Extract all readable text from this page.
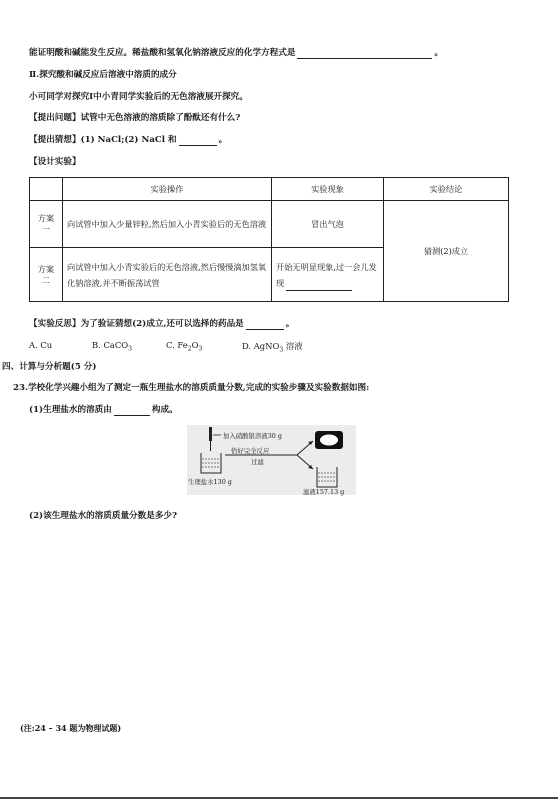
能证明酸和碱能发生反应。稀盐酸和氢氧化钠溶液反应的化学方程式是	。
Ⅱ.探究酸和碱反应后溶液中溶质的成分
小可同学对探究Ⅰ中小青同学实验后的无色溶液展开探究。
【提出问题】试管中无色溶液的溶质除了酚酞还有什么?
【提出猜想】(1) NaCl;(2) NaCl 和	。
【设计实验】
	实验操作	实验现象	实验结论
方案一	向试管中加入少量锌粒,然后加入小青实验后的无色溶液	冒出气泡	猜测(2)成立
方案二	向试管中加入小青实验后的无色溶液,然后慢慢滴加氢氧化钠溶液,并不断振荡试管	开始无明显现象,过一会儿发现	
【实验反思】为了验证猜想(2)成立,还可以选择的药品是	。
A. Cu	B. CaCO$_3$	C. $Fe_2O_3$	D. AgNO$_3$ 溶液
四、计算与分析题(5 分)
23.学校化学兴趣小组为了测定一瓶生理盐水的溶质质量分数,完成的实验步骤及实验数据如图:
(1)生理盐水的溶质由	构成。
加入硝酸银溶液30 g
恰好完全反应
过滤
生理盐水130 g
滤液157.13 g
(2)该生理盐水的溶质质量分数是多少?
(注:24 – 34 题为物理试题)
